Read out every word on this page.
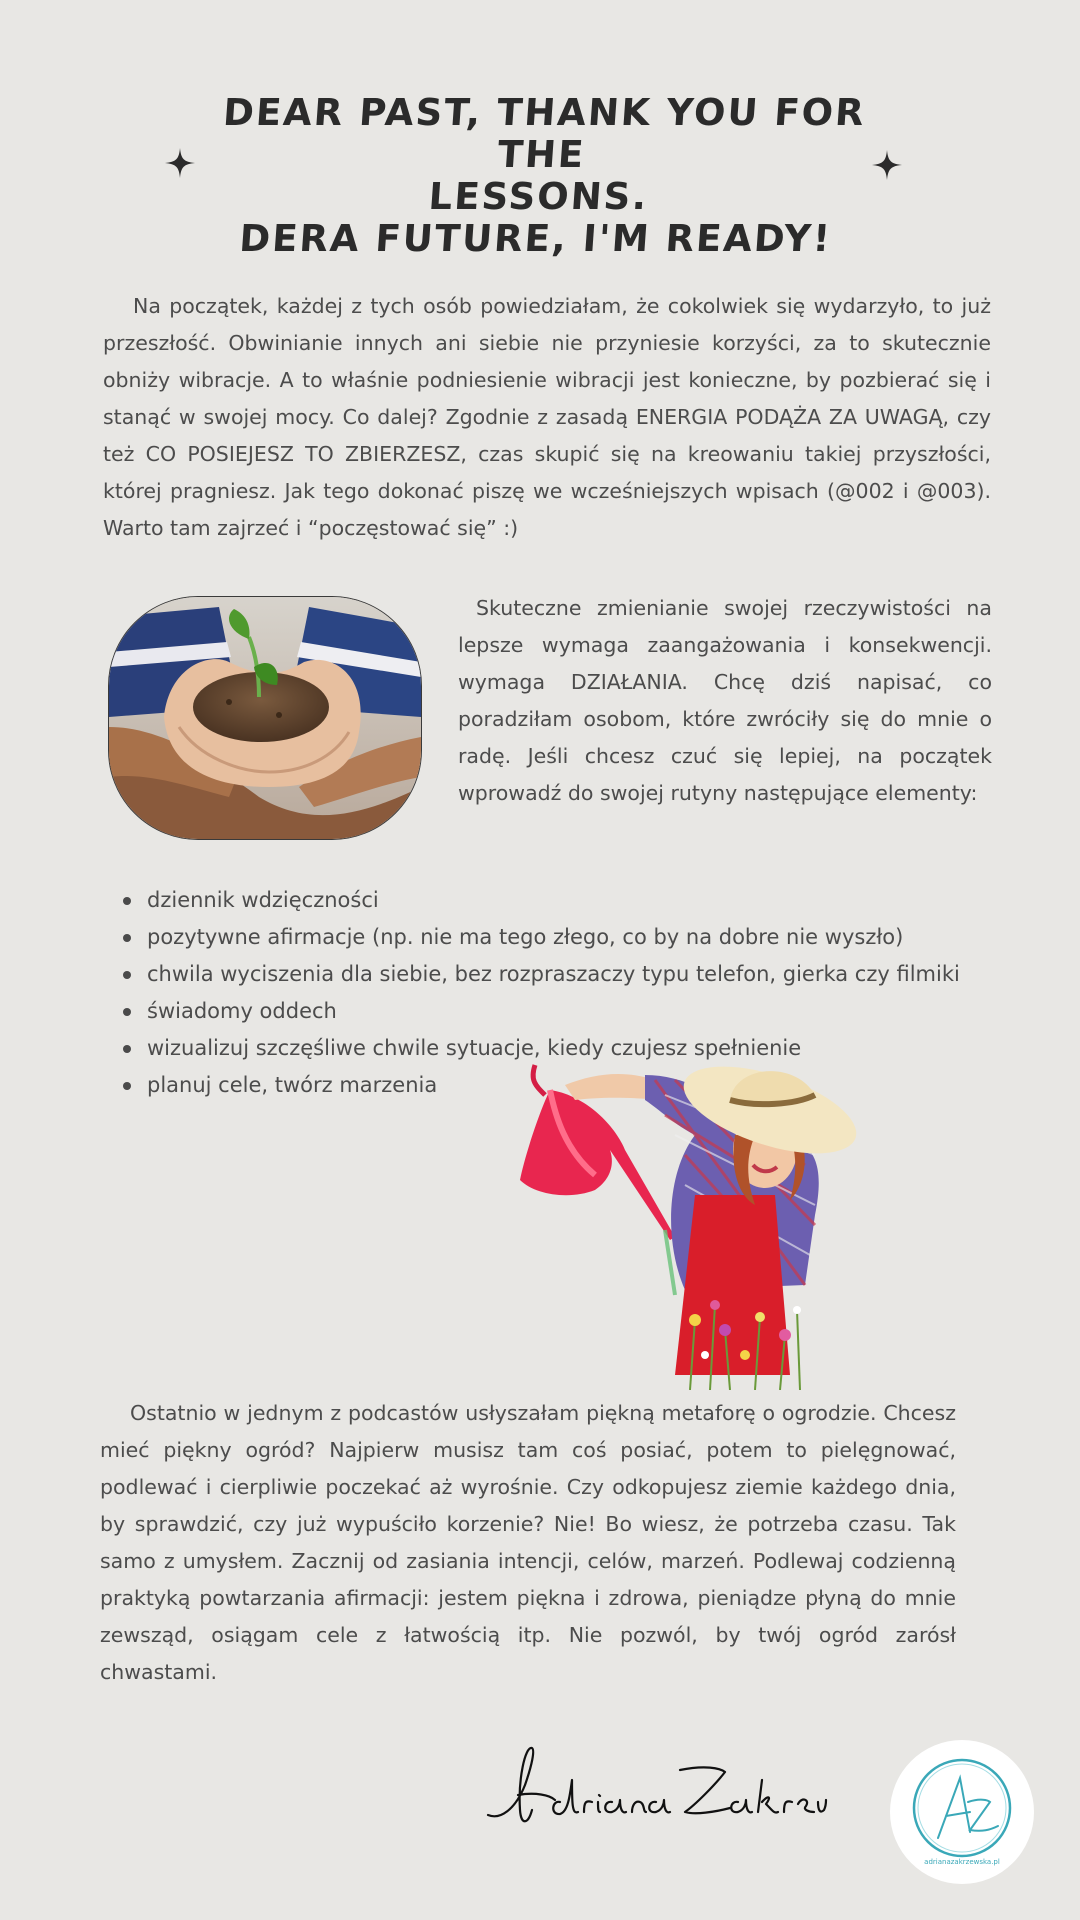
DEAR PAST, THANK YOU FOR THE
LESSONS.
DERA FUTURE, I'M READY!

Na początek, każdej z tych osób powiedziałam, że cokolwiek się wydarzyło, to już przeszłość. Obwinianie innych ani siebie nie przyniesie korzyści, za to skutecznie obniży wibracje. A to właśnie podniesienie wibracji jest konieczne, by pozbierać się i stanąć w swojej mocy. Co dalej? Zgodnie z zasadą ENERGIA PODĄŻA ZA UWAGĄ, czy też CO POSIEJESZ TO ZBIERZESZ, czas skupić się na kreowaniu takiej przyszłości, której pragniesz. Jak tego dokonać piszę we wcześniejszych wpisach (@002 i @003). Warto tam zajrzeć i “poczęstować się” :)

Skuteczne zmienianie swojej rzeczywistości na lepsze wymaga zaangażowania i konsekwencji. wymaga DZIAŁANIA. Chcę dziś napisać, co poradziłam osobom, które zwróciły się do mnie o radę. Jeśli chcesz czuć się lepiej, na początek wprowadź do swojej rutyny następujące elementy:

dziennik wdzięczności
pozytywne afirmacje (np. nie ma tego złego, co by na dobre nie wyszło)
chwila wyciszenia dla siebie, bez rozpraszaczy typu telefon, gierka czy filmiki
świadomy oddech
wizualizuj szczęśliwe chwile sytuacje, kiedy czujesz spełnienie
planuj cele, twórz marzenia

Ostatnio w jednym z podcastów usłyszałam piękną metaforę o ogrodzie. Chcesz mieć piękny ogród? Najpierw musisz tam coś posiać, potem to pielęgnować, podlewać i cierpliwie poczekać aż wyrośnie. Czy odkopujesz ziemie każdego dnia, by sprawdzić, czy już wypuściło korzenie? Nie! Bo wiesz, że potrzeba czasu. Tak samo z umysłem. Zacznij od zasiania intencji, celów, marzeń. Podlewaj codzienną praktyką powtarzania afirmacji: jestem piękna i zdrowa, pieniądze płyną do mnie zewsząd, osiągam cele z łatwością itp. Nie pozwól, by twój ogród zarósł chwastami.

adrianazakrzewska.pl
